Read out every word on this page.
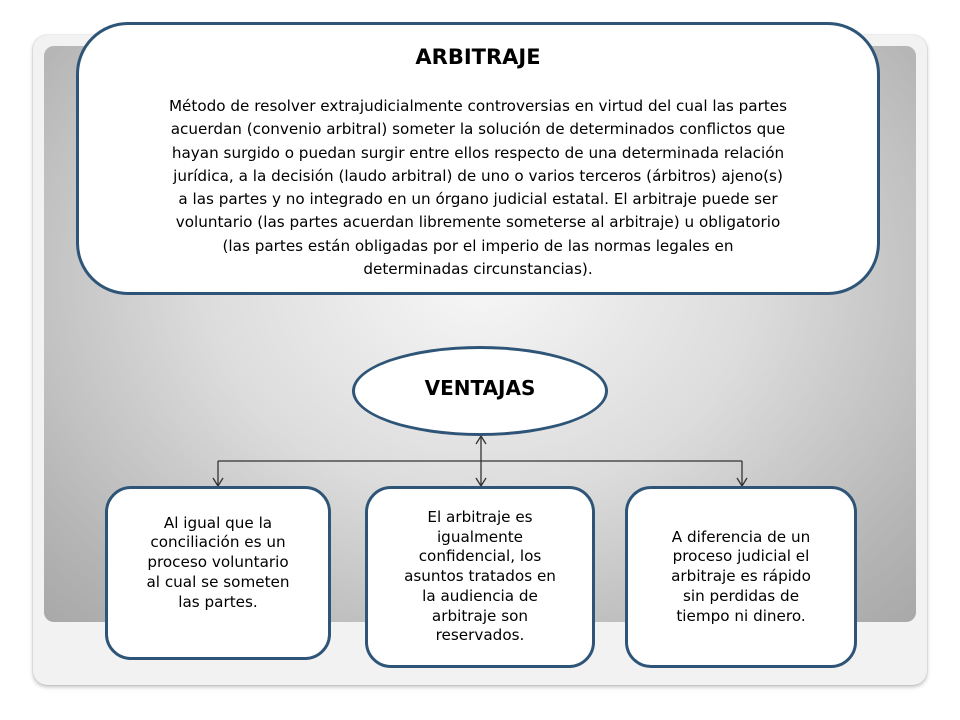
ARBITRAJE
Método de resolver extrajudicialmente controversias en virtud del cual las partes
acuerdan (convenio arbitral) someter la solución de determinados conflictos que
hayan surgido o puedan surgir entre ellos respecto de una determinada relación
jurídica, a la decisión (laudo arbitral) de uno o varios terceros (árbitros) ajeno(s)
a las partes y no integrado en un órgano judicial estatal. El arbitraje puede ser
voluntario (las partes acuerdan libremente someterse al arbitraje) u obligatorio
(las partes están obligadas por el imperio de las normas legales en
determinadas circunstancias).
VENTAJAS
Al igual que la
conciliación es un
proceso voluntario
al cual se someten
las partes.
El arbitraje es
igualmente
confidencial, los
asuntos tratados en
la audiencia de
arbitraje son
reservados.
A diferencia de un
proceso judicial el
arbitraje es rápido
sin perdidas de
tiempo ni dinero.
